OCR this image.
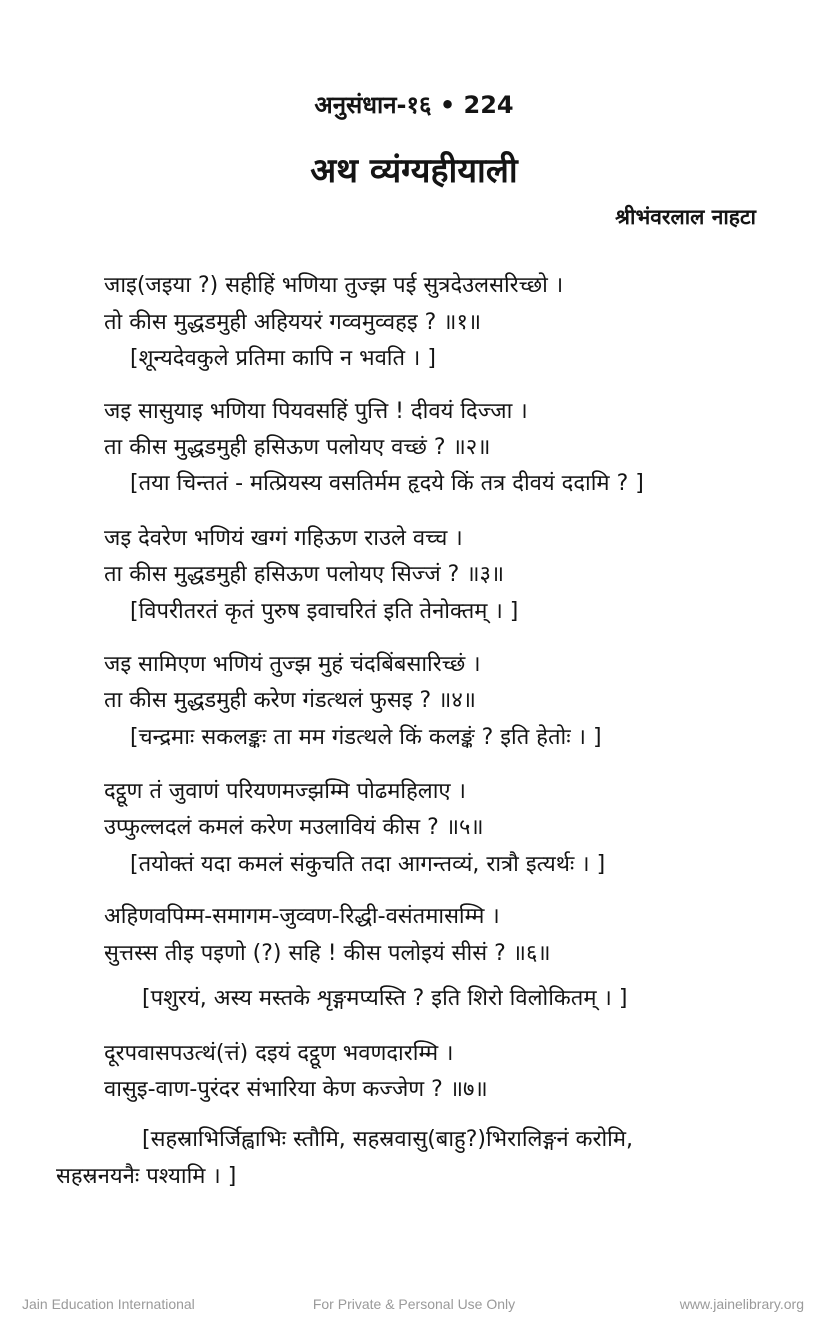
अनुसंधान-१६ • 224
अथ व्यंग्यहीयाली
श्रीभंवरलाल नाहटा
जाइ(जइया ?) सहीहिं भणिया तुज्झ पई सुत्रदेउलसरिच्छो ।
तो कीस मुद्धडमुही अहिययरं गव्वमुव्वहइ ? ॥१॥
[शून्यदेवकुले प्रतिमा कापि न भवति । ]
जइ सासुयाइ भणिया पियवसहिं पुत्ति ! दीवयं दिज्जा ।
ता कीस मुद्धडमुही हसिऊण पलोयए वच्छं ? ॥२॥
[तया चिन्ततं - मत्प्रियस्य वसतिर्मम हृदये किं तत्र दीवयं ददामि ? ]
जइ देवरेण भणियं खग्गं गहिऊण राउले वच्च ।
ता कीस मुद्धडमुही हसिऊण पलोयए सिज्जं ? ॥३॥
[विपरीतरतं कृतं पुरुष इवाचरितं इति तेनोक्तम् । ]
जइ सामिएण भणियं तुज्झ मुहं चंदबिंबसारिच्छं ।
ता कीस मुद्धडमुही करेण गंडत्थलं फुसइ ? ॥४॥
[चन्द्रमाः सकलङ्कः ता मम गंडत्थले किं कलङ्कं ? इति हेतोः । ]
दट्ठूण तं जुवाणं परियणमज्झम्मि पोढमहिलाए ।
उप्फुल्लदलं कमलं करेण मउलावियं कीस ? ॥५॥
[तयोक्तं यदा कमलं संकुचति तदा आगन्तव्यं, रात्रौ इत्यर्थः । ]
अहिणवपिम्म-समागम-जुव्वण-रिद्धी-वसंतमासम्मि ।
सुत्तस्स तीइ पइणो (?) सहि ! कीस पलोइयं सीसं ? ॥६॥
[पशुरयं, अस्य मस्तके शृङ्गमप्यस्ति ? इति शिरो विलोकितम् । ]
दूरपवासपउत्थं(त्तं) दइयं दट्ठूण भवणदारम्मि ।
वासुइ-वाण-पुरंदर संभारिया केण कज्जेण ? ॥७॥
[सहस्राभिर्जिह्वाभिः स्तौमि, सहस्रवासु(बाहु?)भिरालिङ्गनं करोमि,
सहस्रनयनैः पश्यामि । ]
Jain Education International	For Private & Personal Use Only	www.jainelibrary.org
